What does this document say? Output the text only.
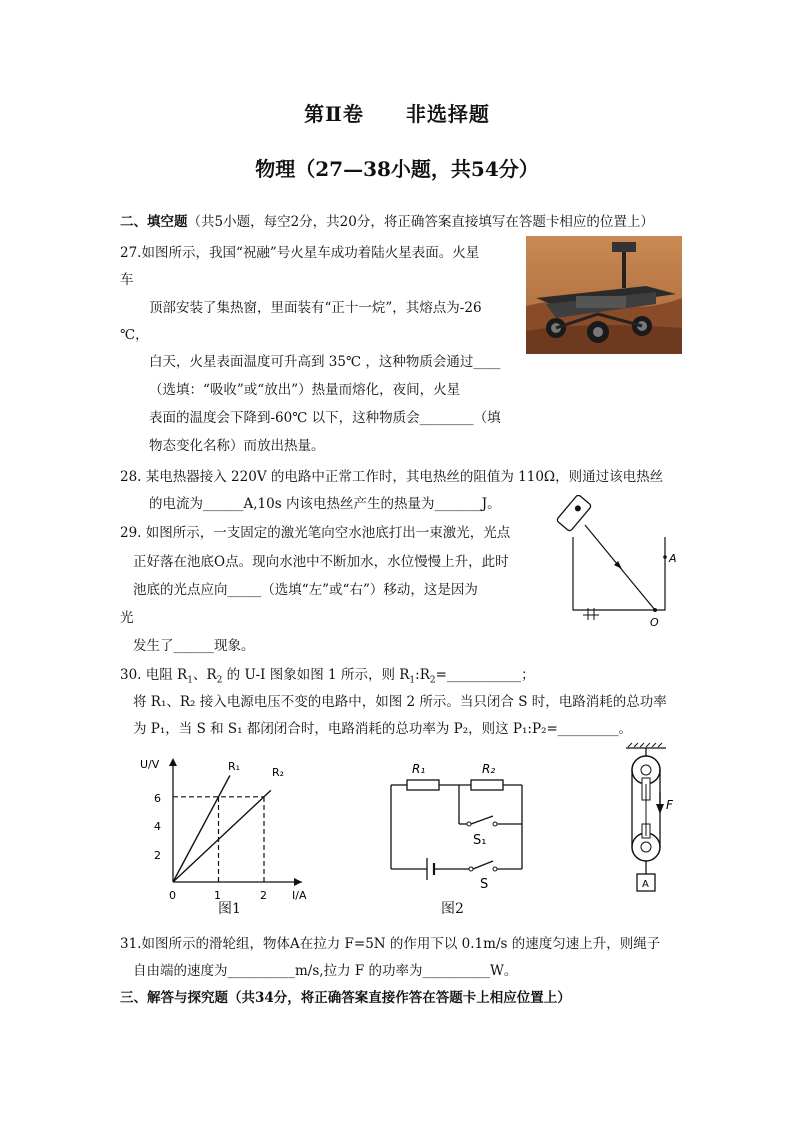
第Ⅱ卷　　非选择题
物理（27—38小题，共54分）
二、填空题（共5小题，每空2分，共20分，将正确答案直接填写在答题卡相应的位置上）
27.如图所示，我国“祝融”号火星车成功着陆火星表面。火星
车
顶部安装了集热窗，里面装有“正十一烷”，其熔点为-26
℃，
白天，火星表面温度可升高到 35℃ ，这种物质会通过____
（选填：“吸收”或“放出”）热量而熔化，夜间，火星
表面的温度会下降到-60℃ 以下，这种物质会________（填
物态变化名称）而放出热量。
28. 某电热器接入 220V 的电路中正常工作时，其电热丝的阻值为 110Ω，则通过该电热丝
的电流为______A,10s 内该电热丝产生的热量为_______J。
29. 如图所示，一支固定的激光笔向空水池底打出一束激光，光点
正好落在池底O点。现向水池中不断加水，水位慢慢上升，此时
池底的光点应向_____（选填“左”或“右”）移动，这是因为
光
发生了______现象。
A
O
30. 电阻 $R_1$、$R_2$ 的 U-I 图象如图 1 所示，则 $R_1:R_2=\_\_\_\_\_\_\_\_\_\_\_$；
将 R₁、R₂ 接入电源电压不变的电路中，如图 2 所示。当只闭合 S 时，电路消耗的总功率
为 P₁，当 S 和 S₁ 都闭闭合时，电路消耗的总功率为 P₂，则这 P₁:P₂=_________。
U/V
I/A
6
4
2
0	1	2
R₁	R₂
图1
R₁	R₂
S₁
S
图2
F
A
31.如图所示的滑轮组，物体A在拉力 F=5N 的作用下以 0.1m/s 的速度匀速上升，则绳子
自由端的速度为__________m/s,拉力 F 的功率为__________W。
三、解答与探究题（共34分，将正确答案直接作答在答题卡上相应位置上）
